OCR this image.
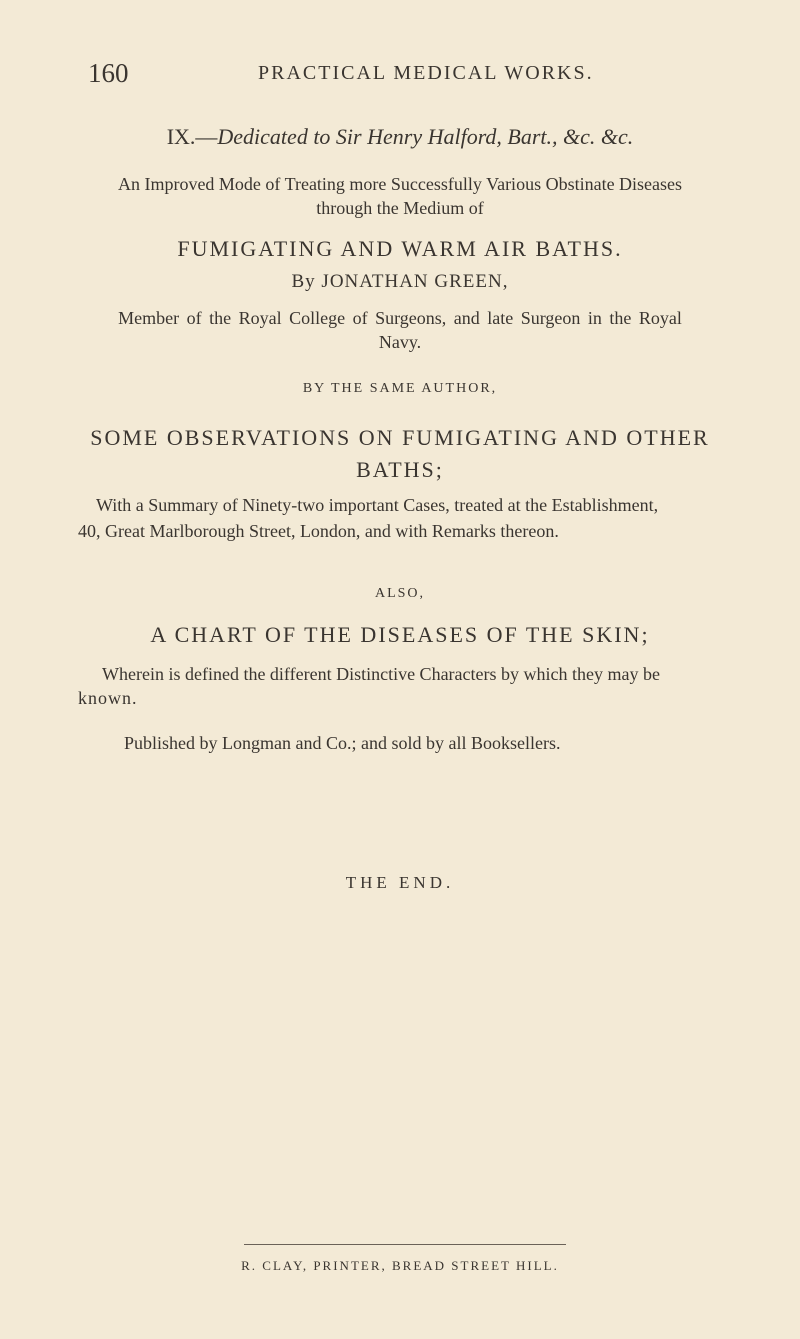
160	PRACTICAL MEDICAL WORKS.
IX.—Dedicated to Sir Henry Halford, Bart., &c. &c.
An Improved Mode of Treating more Successfully Various Obstinate Diseases
through the Medium of
FUMIGATING AND WARM AIR BATHS.
By JONATHAN GREEN,
Member of the Royal College of Surgeons, and late Surgeon in the Royal
Navy.
BY THE SAME AUTHOR,
SOME OBSERVATIONS ON FUMIGATING AND OTHER
BATHS;
With a Summary of Ninety-two important Cases, treated at the Establishment,
40, Great Marlborough Street, London, and with Remarks thereon.
ALSO,
A CHART OF THE DISEASES OF THE SKIN;
Wherein is defined the different Distinctive Characters by which they may be
known.
Published by Longman and Co.; and sold by all Booksellers.
THE END.
R. CLAY, PRINTER, BREAD STREET HILL.
